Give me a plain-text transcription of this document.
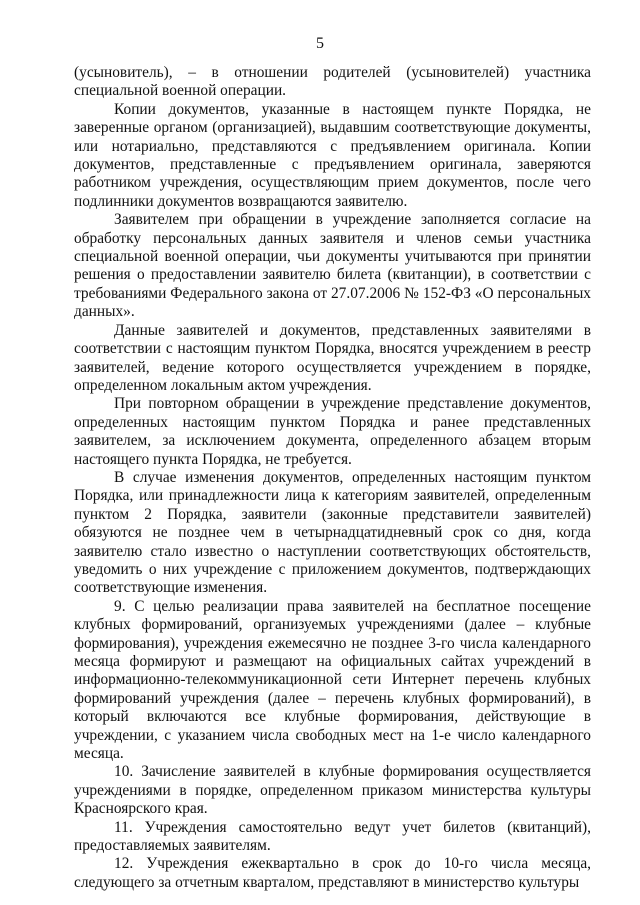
5

(усыновитель), – в отношении родителей (усыновителей) участника специальной военной операции.

Копии документов, указанные в настоящем пункте Порядка, не заверенные органом (организацией), выдавшим соответствующие документы, или нотариально, представляются с предъявлением оригинала. Копии документов, представленные с предъявлением оригинала, заверяются работником учреждения, осуществляющим прием документов, после чего подлинники документов возвращаются заявителю.

Заявителем при обращении в учреждение заполняется согласие на обработку персональных данных заявителя и членов семьи участника специальной военной операции, чьи документы учитываются при принятии решения о предоставлении заявителю билета (квитанции), в соответствии с требованиями Федерального закона от 27.07.2006 № 152-ФЗ «О персональных данных».

Данные заявителей и документов, представленных заявителями в соответствии с настоящим пунктом Порядка, вносятся учреждением в реестр заявителей, ведение которого осуществляется учреждением в порядке, определенном локальным актом учреждения.

При повторном обращении в учреждение представление документов, определенных настоящим пунктом Порядка и ранее представленных заявителем, за исключением документа, определенного абзацем вторым настоящего пункта Порядка, не требуется.

В случае изменения документов, определенных настоящим пунктом Порядка, или принадлежности лица к категориям заявителей, определенным пунктом 2 Порядка, заявители (законные представители заявителей) обязуются не позднее чем в четырнадцатидневный срок со дня, когда заявителю стало известно о наступлении соответствующих обстоятельств, уведомить о них учреждение с приложением документов, подтверждающих соответствующие изменения.

9. С целью реализации права заявителей на бесплатное посещение клубных формирований, организуемых учреждениями (далее – клубные формирования), учреждения ежемесячно не позднее 3-го числа календарного месяца формируют и размещают на официальных сайтах учреждений в информационно-телекоммуникационной сети Интернет перечень клубных формирований учреждения (далее – перечень клубных формирований), в который включаются все клубные формирования, действующие в учреждении, с указанием числа свободных мест на 1-е число календарного месяца.

10. Зачисление заявителей в клубные формирования осуществляется учреждениями в порядке, определенном приказом министерства культуры Красноярского края.

11. Учреждения самостоятельно ведут учет билетов (квитанций), предоставляемых заявителям.

12. Учреждения ежеквартально в срок до 10-го числа месяца, следующего за отчетным кварталом, представляют в министерство культуры
